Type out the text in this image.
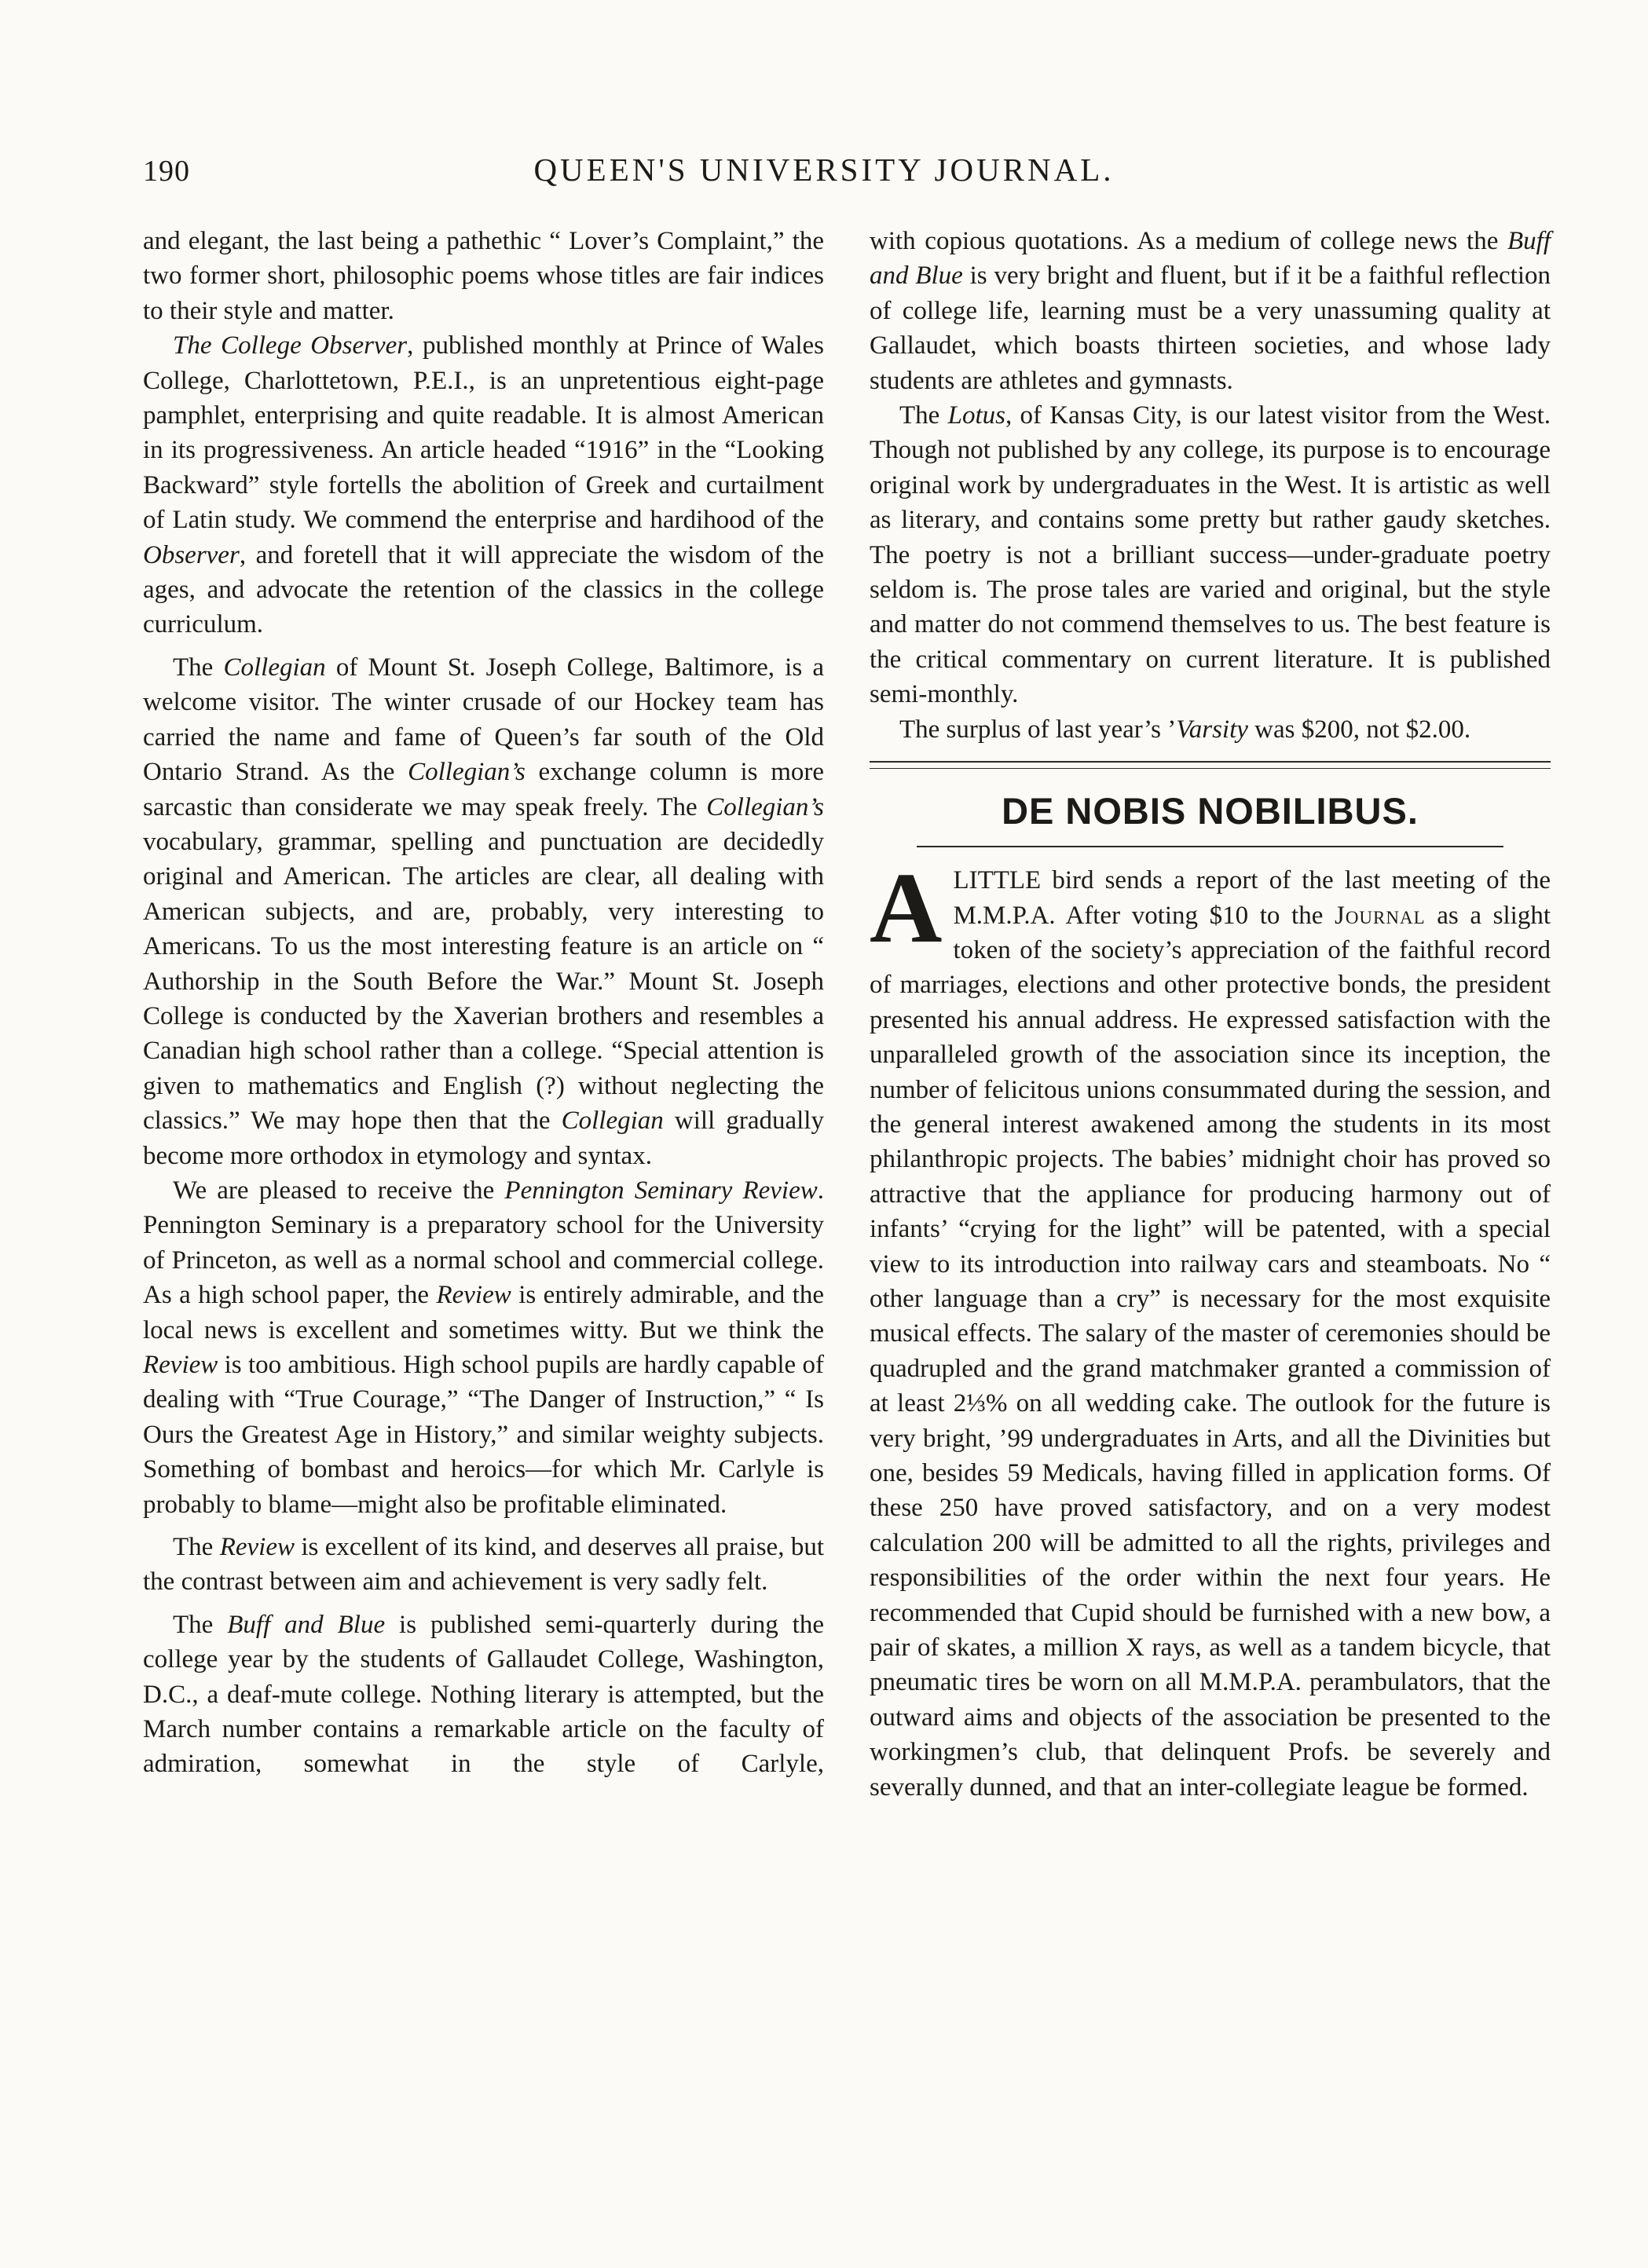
190	QUEEN'S UNIVERSITY JOURNAL.

and elegant, the last being a pathethic “ Lover’s Complaint,” the two former short, philosophic poems whose titles are fair indices to their style and matter.

The College Observer, published monthly at Prince of Wales College, Charlottetown, P.E.I., is an unpretentious eight-page pamphlet, enterprising and quite readable. It is almost American in its progressiveness. An article headed “1916” in the “Looking Backward” style fortells the abolition of Greek and curtailment of Latin study. We commend the enterprise and hardihood of the Observer, and foretell that it will appreciate the wisdom of the ages, and advocate the retention of the classics in the college curriculum.

The Collegian of Mount St. Joseph College, Baltimore, is a welcome visitor. The winter crusade of our Hockey team has carried the name and fame of Queen’s far south of the Old Ontario Strand. As the Collegian’s exchange column is more sarcastic than considerate we may speak freely. The Collegian’s vocabulary, grammar, spelling and punctuation are decidedly original and American. The articles are clear, all dealing with American subjects, and are, probably, very interesting to Americans. To us the most interesting feature is an article on “ Authorship in the South Before the War.” Mount St. Joseph College is conducted by the Xaverian brothers and resembles a Canadian high school rather than a college. “Special attention is given to mathematics and English (?) without neglecting the classics.” We may hope then that the Collegian will gradually become more orthodox in etymology and syntax.

We are pleased to receive the Pennington Seminary Review. Pennington Seminary is a preparatory school for the University of Princeton, as well as a normal school and commercial college. As a high school paper, the Review is entirely admirable, and the local news is excellent and sometimes witty. But we think the Review is too ambitious. High school pupils are hardly capable of dealing with “True Courage,” “The Danger of Instruction,” “ Is Ours the Greatest Age in History,” and similar weighty subjects. Something of bombast and heroics—for which Mr. Carlyle is probably to blame—might also be profitable eliminated.

The Review is excellent of its kind, and deserves all praise, but the contrast between aim and achievement is very sadly felt.

The Buff and Blue is published semi-quarterly during the college year by the students of Gallaudet College, Washington, D.C., a deaf-mute college. Nothing literary is attempted, but the March number contains a remarkable article on the faculty of admiration, somewhat in the style of Carlyle,

with copious quotations. As a medium of college news the Buff and Blue is very bright and fluent, but if it be a faithful reflection of college life, learning must be a very unassuming quality at Gallaudet, which boasts thirteen societies, and whose lady students are athletes and gymnasts.

The Lotus, of Kansas City, is our latest visitor from the West. Though not published by any college, its purpose is to encourage original work by undergraduates in the West. It is artistic as well as literary, and contains some pretty but rather gaudy sketches. The poetry is not a brilliant success—under-graduate poetry seldom is. The prose tales are varied and original, but the style and matter do not commend themselves to us. The best feature is the critical commentary on current literature. It is published semi-monthly.

The surplus of last year’s ’Varsity was $200, not $2.00.

DE NOBIS NOBILIBUS.

ALITTLE bird sends a report of the last meeting of the M.M.P.A. After voting $10 to the Journal as a slight token of the society’s appreciation of the faithful record of marriages, elections and other protective bonds, the president presented his annual address. He expressed satisfaction with the unparalleled growth of the association since its inception, the number of felicitous unions consummated during the session, and the general interest awakened among the students in its most philanthropic projects. The babies’ midnight choir has proved so attractive that the appliance for producing harmony out of infants’ “crying for the light” will be patented, with a special view to its introduction into railway cars and steamboats. No “ other language than a cry” is necessary for the most exquisite musical effects. The salary of the master of ceremonies should be quadrupled and the grand matchmaker granted a commission of at least 2⅓% on all wedding cake. The outlook for the future is very bright, ’99 undergraduates in Arts, and all the Divinities but one, besides 59 Medicals, having filled in application forms. Of these 250 have proved satisfactory, and on a very modest calculation 200 will be admitted to all the rights, privileges and responsibilities of the order within the next four years. He recommended that Cupid should be furnished with a new bow, a pair of skates, a million X rays, as well as a tandem bicycle, that pneumatic tires be worn on all M.M.P.A. perambulators, that the outward aims and objects of the association be presented to the workingmen’s club, that delinquent Profs. be severely and severally dunned, and that an inter-collegiate league be formed.
